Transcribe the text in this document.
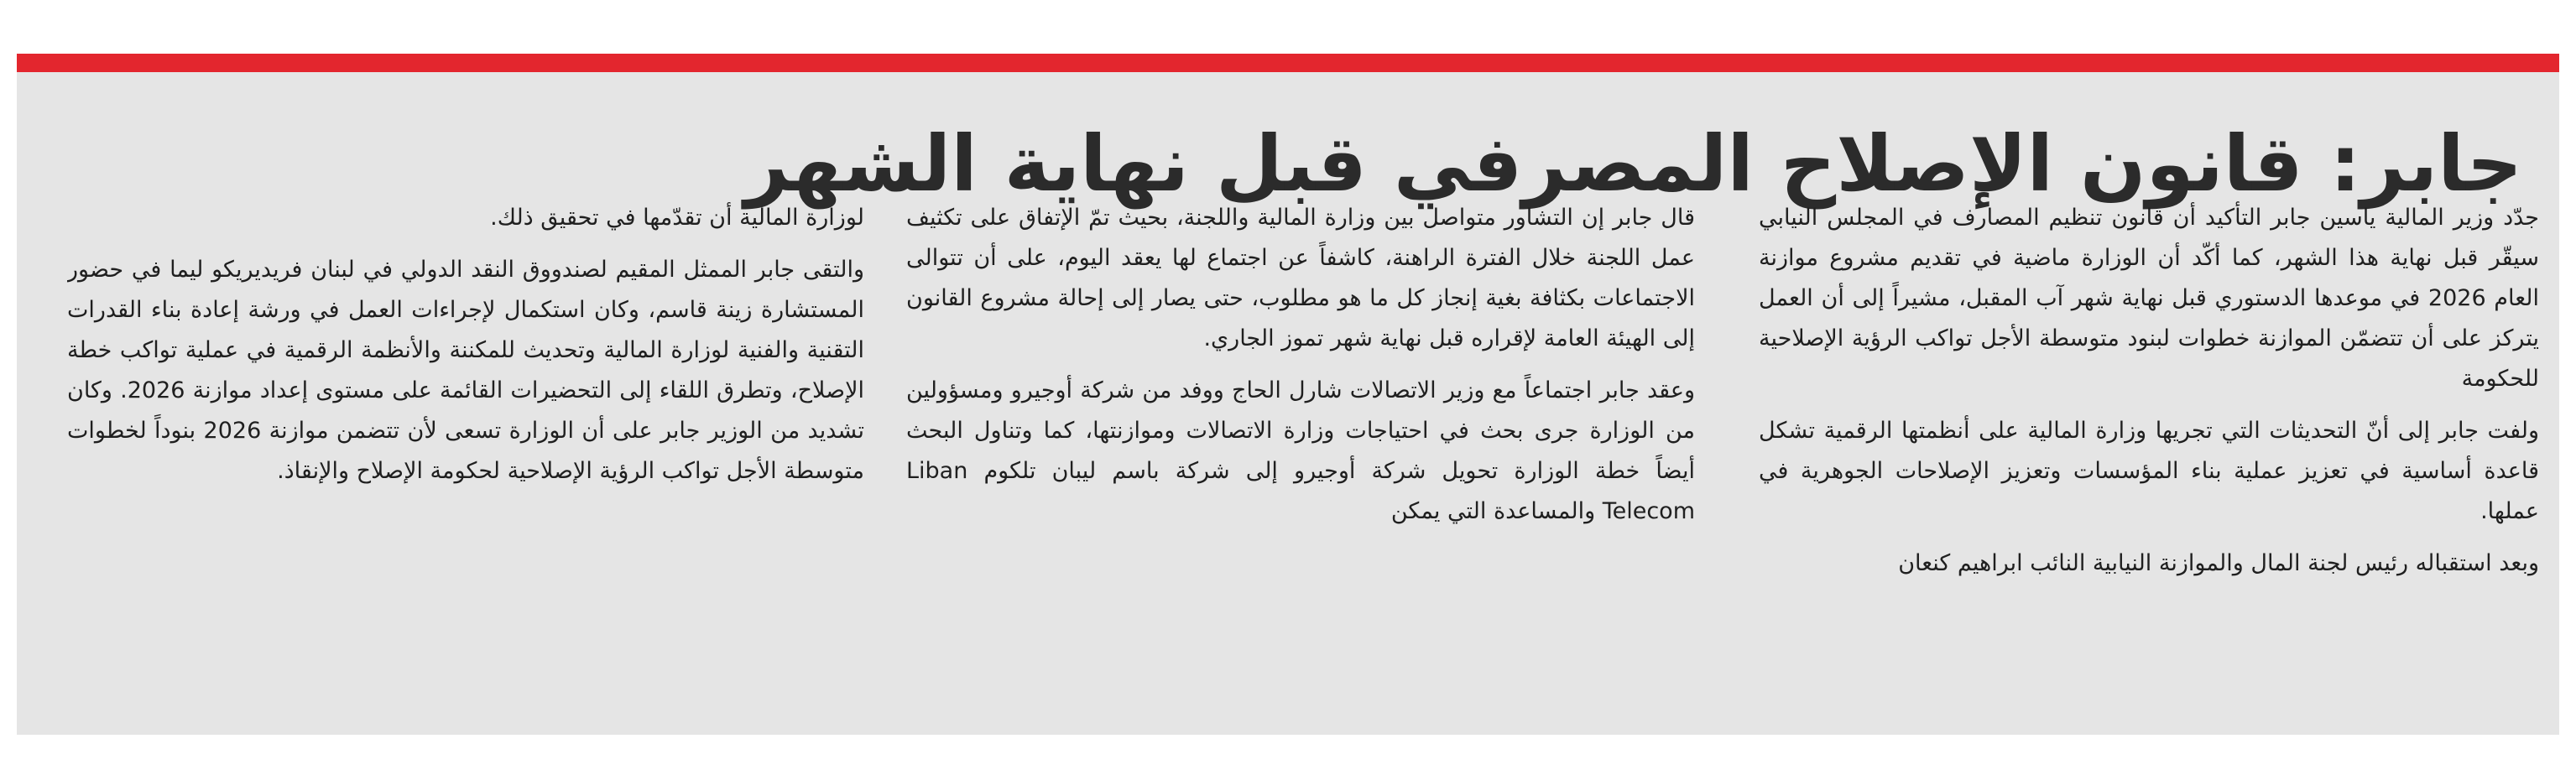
جابر: قانون الإصلاح المصرفي قبل نهاية الشهر

جدّد وزير المالية ياسين جابر التأكيد أن قانون تنظيم المصارف في المجلس النيابي سيقّر قبل نهاية هذا الشهر، كما أكّد أن الوزارة ماضية في تقديم مشروع موازنة العام 2026 في موعدها الدستوري قبل نهاية شهر آب المقبل، مشيراً إلى أن العمل يتركز على أن تتضمّن الموازنة خطوات لبنود متوسطة الأجل تواكب الرؤية الإصلاحية للحكومة

ولفت جابر إلى أنّ التحديثات التي تجريها وزارة المالية على أنظمتها الرقمية تشكل قاعدة أساسية في تعزيز عملية بناء المؤسسات وتعزيز الإصلاحات الجوهرية في عملها.

وبعد استقباله رئيس لجنة المال والموازنة النيابية النائب ابراهيم كنعان

قال جابر إن التشاور متواصل بين وزارة المالية واللجنة، بحيث تمّ الإتفاق على تكثيف عمل اللجنة خلال الفترة الراهنة، كاشفاً عن اجتماع لها يعقد اليوم، على أن تتوالى الاجتماعات بكثافة بغية إنجاز كل ما هو مطلوب، حتى يصار إلى إحالة مشروع القانون إلى الهيئة العامة لإقراره قبل نهاية شهر تموز الجاري.

وعقد جابر اجتماعاً مع وزير الاتصالات شارل الحاج ووفد من شركة أوجيرو ومسؤولين من الوزارة جرى بحث في احتياجات وزارة الاتصالات وموازنتها، كما وتناول البحث أيضاً خطة الوزارة تحويل شركة أوجيرو إلى شركة باسم ليبان تلكوم Liban Telecom والمساعدة التي يمكن

لوزارة المالية أن تقدّمها في تحقيق ذلك.

والتقى جابر الممثل المقيم لصندووق النقد الدولي في لبنان فريديريكو ليما في حضور المستشارة زينة قاسم، وكان استكمال لإجراءات العمل في ورشة إعادة بناء القدرات التقنية والفنية لوزارة المالية وتحديث للمكننة والأنظمة الرقمية في عملية تواكب خطة الإصلاح، وتطرق اللقاء إلى التحضيرات القائمة على مستوى إعداد موازنة 2026. وكان تشديد من الوزير جابر على أن الوزارة تسعى لأن تتضمن موازنة 2026 بنوداً لخطوات متوسطة الأجل تواكب الرؤية الإصلاحية لحكومة الإصلاح والإنقاذ.
